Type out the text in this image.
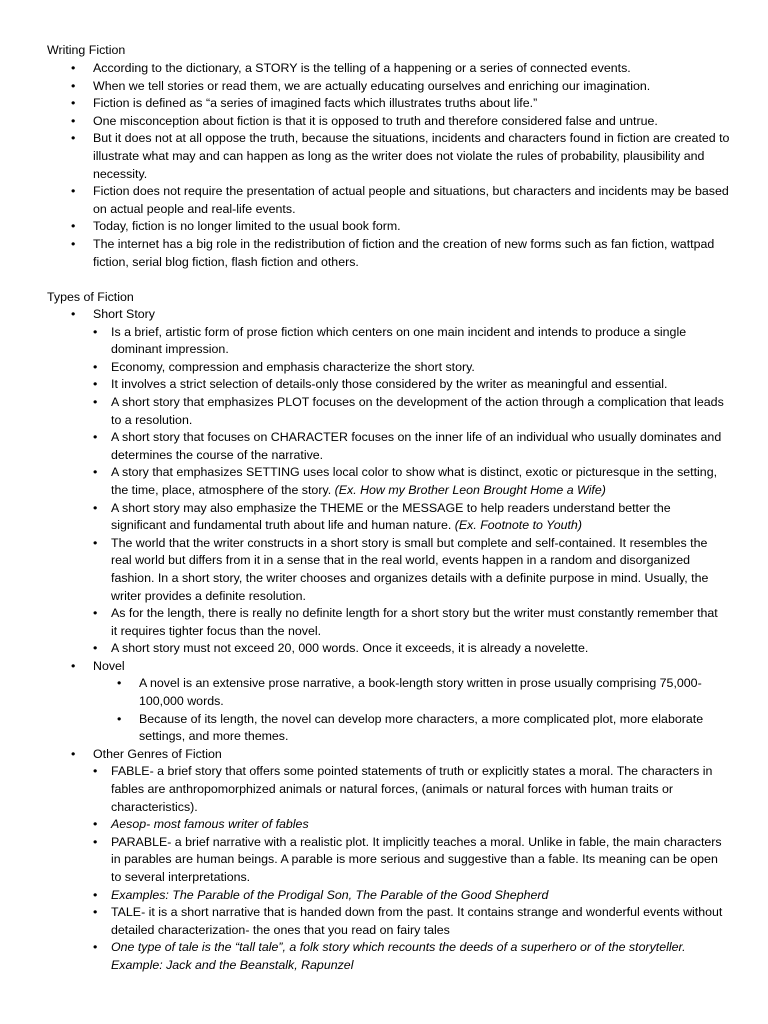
Writing Fiction
• According to the dictionary, a STORY is the telling of a happening or a series of connected events.
• When we tell stories or read them, we are actually educating ourselves and enriching our imagination.
• Fiction is defined as “a series of imagined facts which illustrates truths about life.”
• One misconception about fiction is that it is opposed to truth and therefore considered false and untrue.
• But it does not at all oppose the truth, because the situations, incidents and characters found in fiction are created to illustrate what may and can happen as long as the writer does not violate the rules of probability, plausibility and necessity.
• Fiction does not require the presentation of actual people and situations, but characters and incidents may be based on actual people and real-life events.
• Today, fiction is no longer limited to the usual book form.
• The internet has a big role in the redistribution of fiction and the creation of new forms such as fan fiction, wattpad fiction, serial blog fiction, flash fiction and others.
Types of Fiction
• Short Story
• Is a brief, artistic form of prose fiction which centers on one main incident and intends to produce a single dominant impression.
• Economy, compression and emphasis characterize the short story.
• It involves a strict selection of details-only those considered by the writer as meaningful and essential.
• A short story that emphasizes PLOT focuses on the development of the action through a complication that leads to a resolution.
• A short story that focuses on CHARACTER focuses on the inner life of an individual who usually dominates and determines the course of the narrative.
• A story that emphasizes SETTING uses local color to show what is distinct, exotic or picturesque in the setting, the time, place, atmosphere of the story. (Ex. How my Brother Leon Brought Home a Wife)
• A short story may also emphasize the THEME or the MESSAGE to help readers understand better the significant and fundamental truth about life and human nature. (Ex. Footnote to Youth)
• The world that the writer constructs in a short story is small but complete and self-contained. It resembles the real world but differs from it in a sense that in the real world, events happen in a random and disorganized fashion. In a short story, the writer chooses and organizes details with a definite purpose in mind. Usually, the writer provides a definite resolution.
• As for the length, there is really no definite length for a short story but the writer must constantly remember that it requires tighter focus than the novel.
• A short story must not exceed 20, 000 words. Once it exceeds, it is already a novelette.
• Novel
• A novel is an extensive prose narrative, a book-length story written in prose usually comprising 75,000-100,000 words.
• Because of its length, the novel can develop more characters, a more complicated plot, more elaborate settings, and more themes.
• Other Genres of Fiction
• FABLE- a brief story that offers some pointed statements of truth or explicitly states a moral. The characters in fables are anthropomorphized animals or natural forces, (animals or natural forces with human traits or characteristics).
• Aesop- most famous writer of fables
• PARABLE- a brief narrative with a realistic plot. It implicitly teaches a moral. Unlike in fable, the main characters in parables are human beings. A parable is more serious and suggestive than a fable. Its meaning can be open to several interpretations.
• Examples: The Parable of the Prodigal Son, The Parable of the Good Shepherd
• TALE- it is a short narrative that is handed down from the past. It contains strange and wonderful events without detailed characterization- the ones that you read on fairy tales
• One type of tale is the “tall tale”, a folk story which recounts the deeds of a superhero or of the storyteller. Example: Jack and the Beanstalk, Rapunzel
